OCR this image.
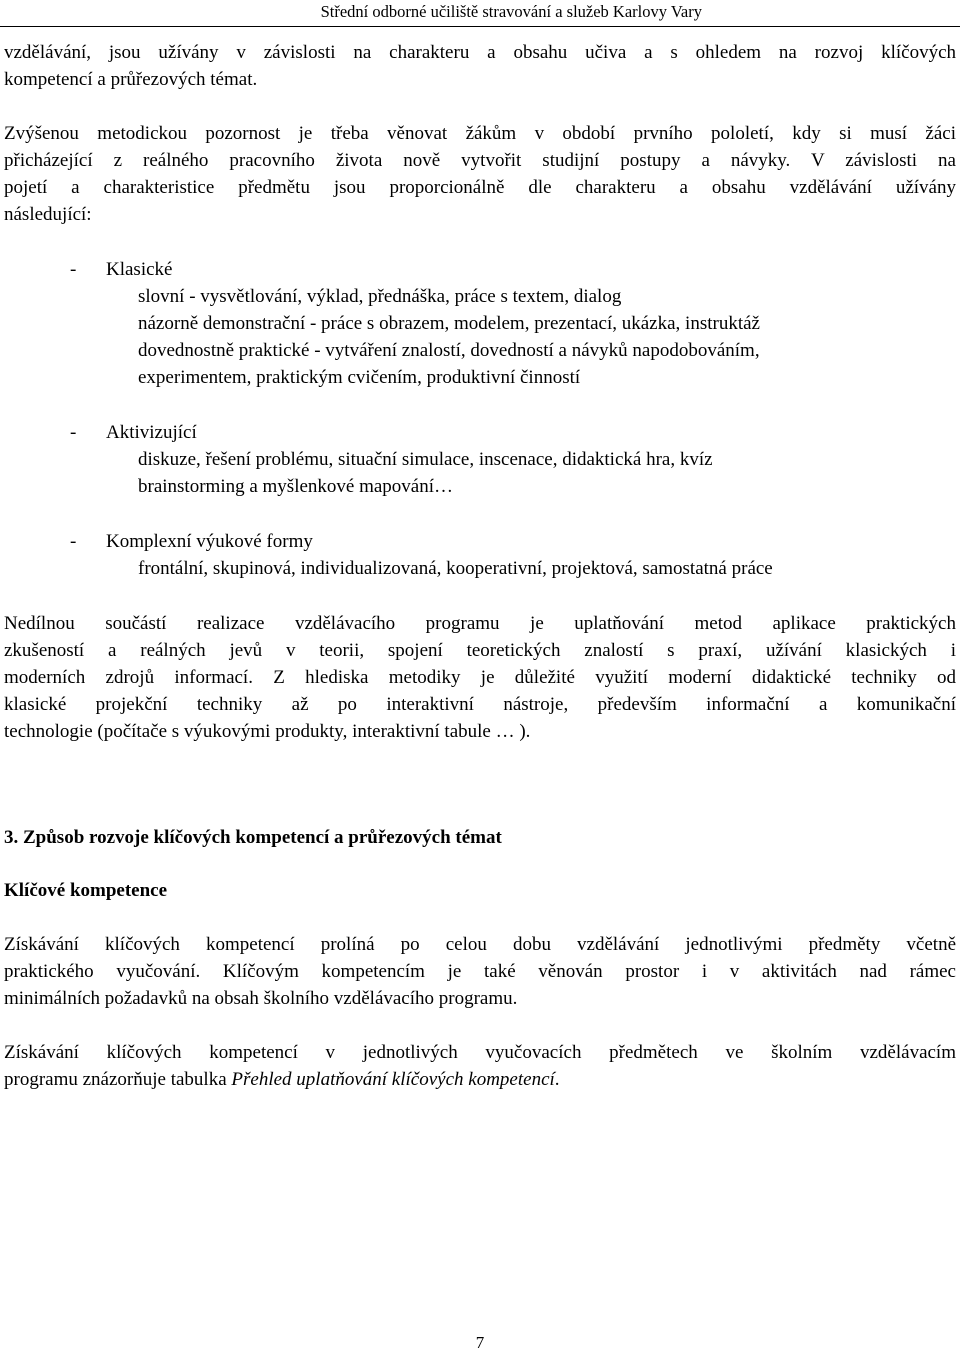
Střední odborné učiliště stravování a služeb Karlovy Vary

vzdělávání, jsou užívány v závislosti na charakteru a obsahu učiva a s ohledem na rozvoj klíčových

kompetencí a průřezových témat.

Zvýšenou metodickou pozornost je třeba věnovat žákům v období prvního pololetí, kdy si musí žáci

přicházející z reálného pracovního života nově vytvořit studijní postupy a návyky. V závislosti na

pojetí a charakteristice předmětu jsou proporcionálně dle charakteru a obsahu vzdělávání užívány

následující:

-	Klasické

slovní - vysvětlování, výklad, přednáška, práce s textem, dialog

názorně demonstrační - práce s obrazem, modelem, prezentací, ukázka, instruktáž

dovednostně praktické - vytváření znalostí, dovedností a návyků napodobováním,

experimentem, praktickým cvičením, produktivní činností

-	Aktivizující

diskuze, řešení problému, situační simulace, inscenace, didaktická hra, kvíz

brainstorming a myšlenkové mapování…

-	Komplexní výukové formy

frontální, skupinová, individualizovaná, kooperativní, projektová, samostatná práce

Nedílnou součástí realizace vzdělávacího programu je uplatňování metod aplikace praktických

zkušeností a reálných jevů v teorii, spojení teoretických znalostí s praxí, užívání klasických i

moderních zdrojů informací. Z hlediska metodiky je důležité využití moderní didaktické techniky od

klasické projekční techniky až po interaktivní nástroje, především informační a komunikační

technologie (počítače s výukovými produkty, interaktivní tabule … ).

3. Způsob rozvoje klíčových kompetencí a průřezových témat

Klíčové kompetence

Získávání klíčových kompetencí prolíná po celou dobu vzdělávání jednotlivými předměty včetně

praktického vyučování. Klíčovým kompetencím je také věnován prostor i v aktivitách nad rámec

minimálních požadavků na obsah školního vzdělávacího programu.

Získávání klíčových kompetencí v jednotlivých vyučovacích předmětech ve školním vzdělávacím

programu znázorňuje tabulka Přehled uplatňování klíčových kompetencí.

7
